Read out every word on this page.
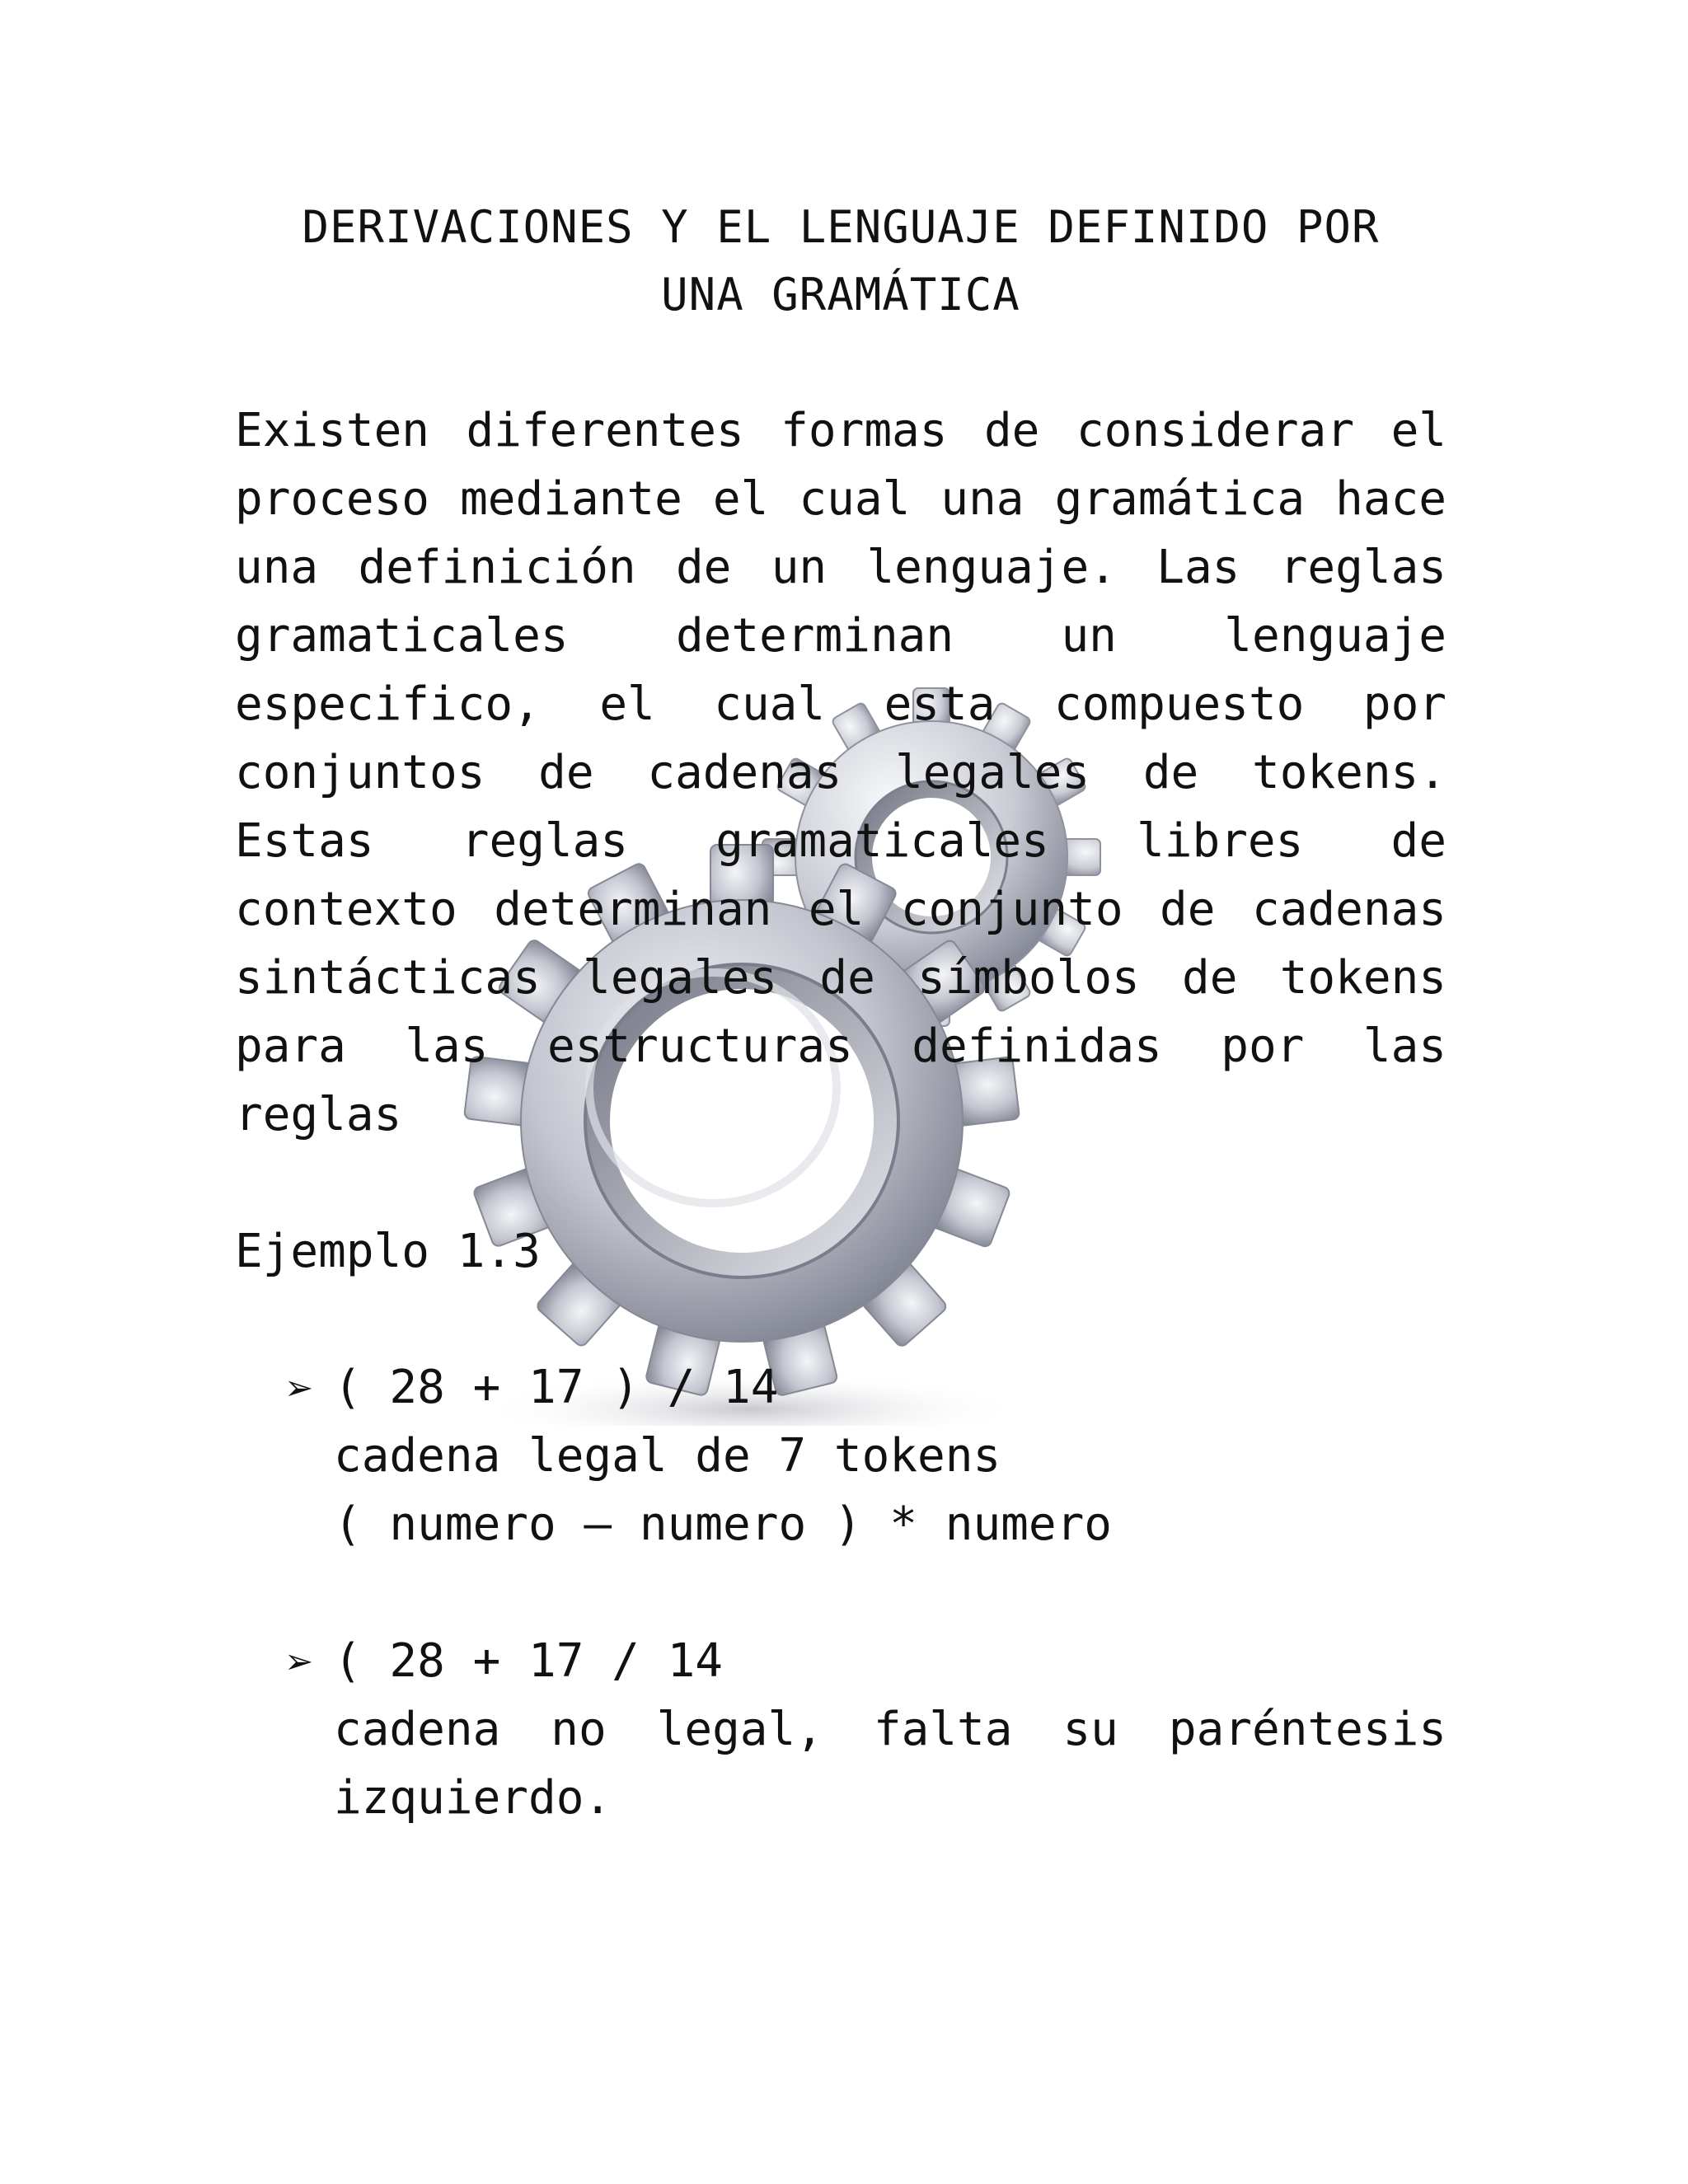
DERIVACIONES Y EL LENGUAJE DEFINIDO POR
UNA GRAMÁTICA

Existen diferentes formas de considerar el proceso mediante el cual una gramática hace una definición de un lenguaje. Las reglas gramaticales determinan un lenguaje especifico, el cual esta compuesto por conjuntos de cadenas legales de tokens. Estas reglas gramaticales libres de contexto determinan el conjunto de cadenas sintácticas legales de símbolos de tokens para las estructuras definidas por las reglas

Ejemplo 1.3

➢ ( 28 + 17 ) / 14
cadena legal de 7 tokens
( numero – numero ) * numero
➢ ( 28 + 17 / 14
cadena no legal, falta su paréntesis
izquierdo.
